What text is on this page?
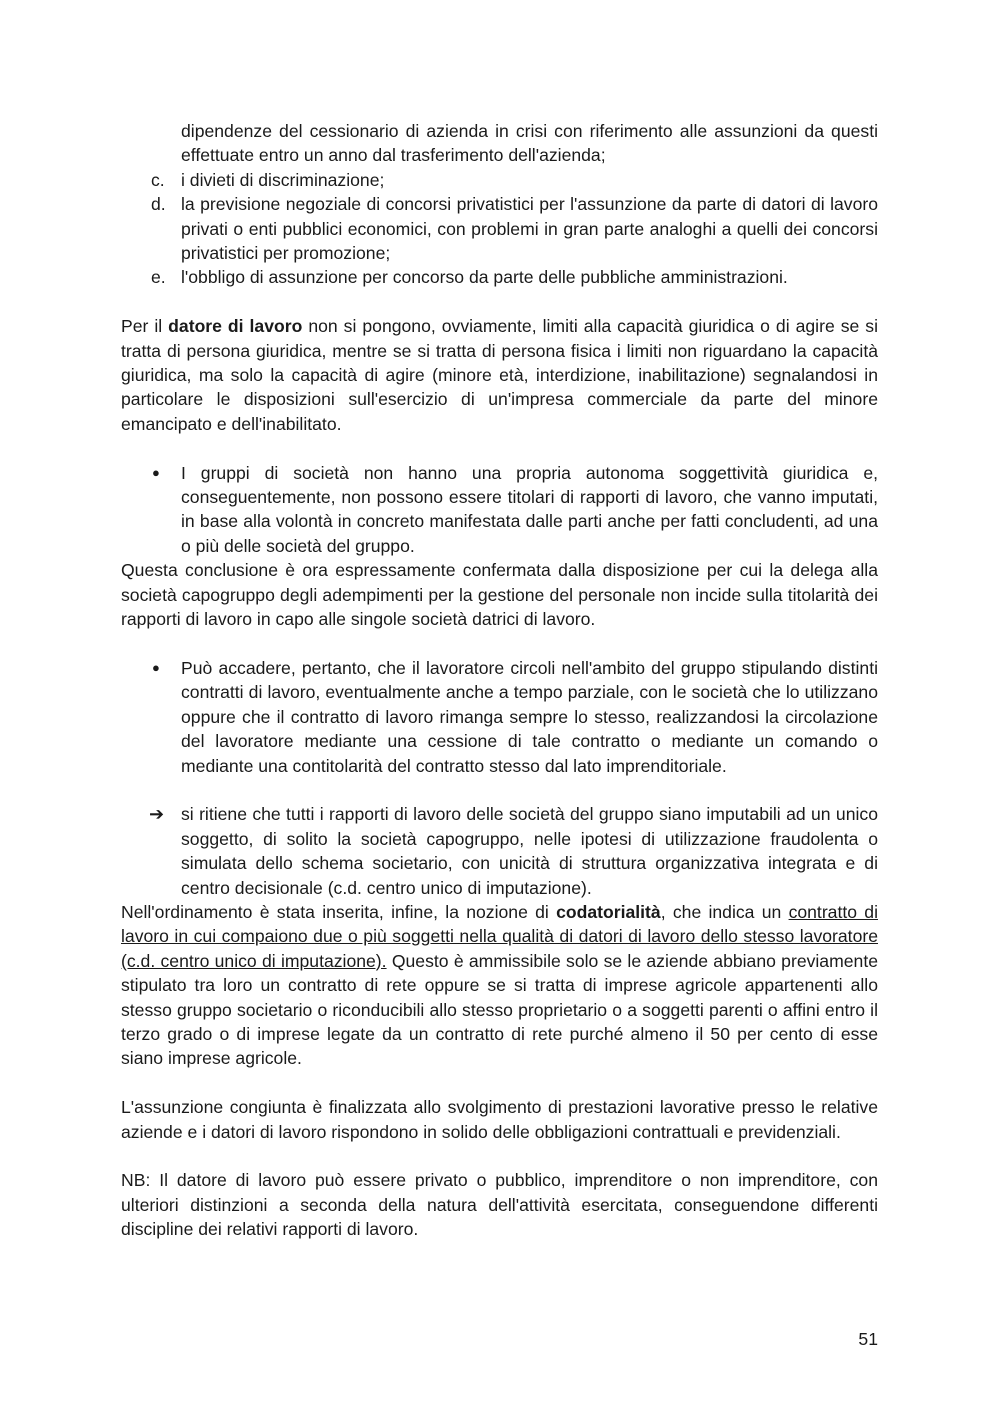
dipendenze del cessionario di azienda in crisi con riferimento alle assunzioni da questi effettuate entro un anno dal trasferimento dell'azienda;
c. i divieti di discriminazione;
d. la previsione negoziale di concorsi privatistici per l'assunzione da parte di datori di lavoro privati o enti pubblici economici, con problemi in gran parte analoghi a quelli dei concorsi privatistici per promozione;
e. l'obbligo di assunzione per concorso da parte delle pubbliche amministrazioni.

Per il datore di lavoro non si pongono, ovviamente, limiti alla capacità giuridica o di agire se si tratta di persona giuridica, mentre se si tratta di persona fisica i limiti non riguardano la capacità giuridica, ma solo la capacità di agire (minore età, interdizione, inabilitazione) segnalandosi in particolare le disposizioni sull'esercizio di un'impresa commerciale da parte del minore emancipato e dell'inabilitato.

●	I gruppi di società non hanno una propria autonoma soggettività giuridica e, conseguentemente, non possono essere titolari di rapporti di lavoro, che vanno imputati, in base alla volontà in concreto manifestata dalle parti anche per fatti concludenti, ad una o più delle società del gruppo.

Questa conclusione è ora espressamente confermata dalla disposizione per cui la delega alla società capogruppo degli adempimenti per la gestione del personale non incide sulla titolarità dei rapporti di lavoro in capo alle singole società datrici di lavoro.

●	Può accadere, pertanto, che il lavoratore circoli nell'ambito del gruppo stipulando distinti contratti di lavoro, eventualmente anche a tempo parziale, con le società che lo utilizzano oppure che il contratto di lavoro rimanga sempre lo stesso, realizzandosi la circolazione del lavoratore mediante una cessione di tale contratto o mediante un comando o mediante una contitolarità del contratto stesso dal lato imprenditoriale.
➔ si ritiene che tutti i rapporti di lavoro delle società del gruppo siano imputabili ad un unico soggetto, di solito la società capogruppo, nelle ipotesi di utilizzazione fraudolenta o simulata dello schema societario, con unicità di struttura organizzativa integrata e di centro decisionale (c.d. centro unico di imputazione).

Nell'ordinamento è stata inserita, infine, la nozione di codatorialità, che indica un contratto di lavoro in cui compaiono due o più soggetti nella qualità di datori di lavoro dello stesso lavoratore (c.d. centro unico di imputazione). Questo è ammissibile solo se le aziende abbiano previamente stipulato tra loro un contratto di rete oppure se si tratta di imprese agricole appartenenti allo stesso gruppo societario o riconducibili allo stesso proprietario o a soggetti parenti o affini entro il terzo grado o di imprese legate da un contratto di rete purché almeno il 50 per cento di esse siano imprese agricole.

L'assunzione congiunta è finalizzata allo svolgimento di prestazioni lavorative presso le relative aziende e i datori di lavoro rispondono in solido delle obbligazioni contrattuali e previdenziali.

NB: Il datore di lavoro può essere privato o pubblico, imprenditore o non imprenditore, con ulteriori distinzioni a seconda della natura dell'attività esercitata, conseguendone differenti discipline dei relativi rapporti di lavoro.

51
